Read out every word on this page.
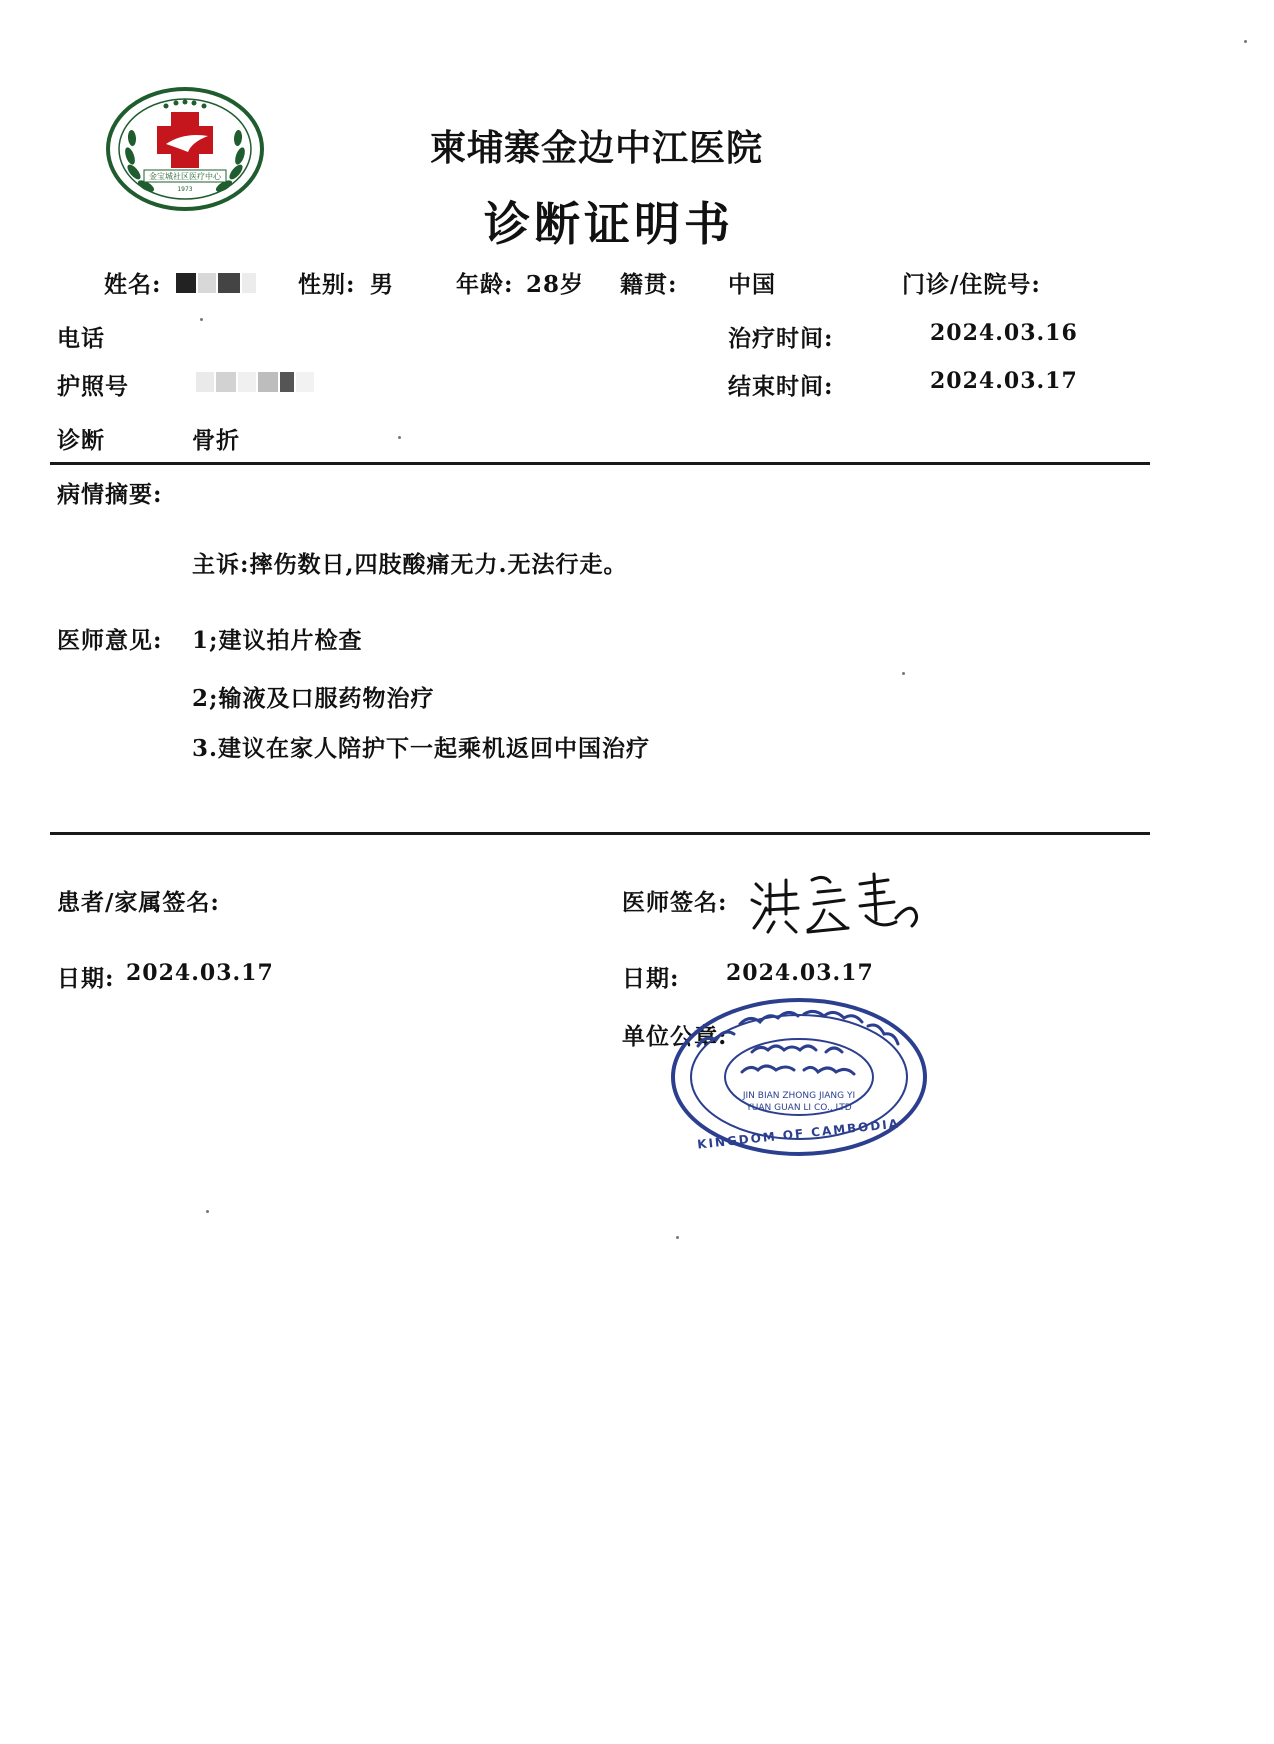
金宝城社区医疗中心
1973
柬埔寨金边中江医院
诊断证明书
姓名:	性别: 男	年龄: 28岁 籍贯: 中国	门诊/住院号:
电话	治疗时间:	2024.03.16
护照号	结束时间:	2024.03.17
诊断	骨折
病情摘要:
主诉:摔伤数日,四肢酸痛无力.无法行走。
医师意见: 1;建议拍片检查
2;输液及口服药物治疗
3.建议在家人陪护下一起乘机返回中国治疗
患者/家属签名:
日期: 2024.03.17
医师签名:
日期: 2024.03.17
单位公章:
JIN BIAN ZHONG JIANG YI
YUAN GUAN LI CO., LTD
KINGDOM OF CAMBODIA
